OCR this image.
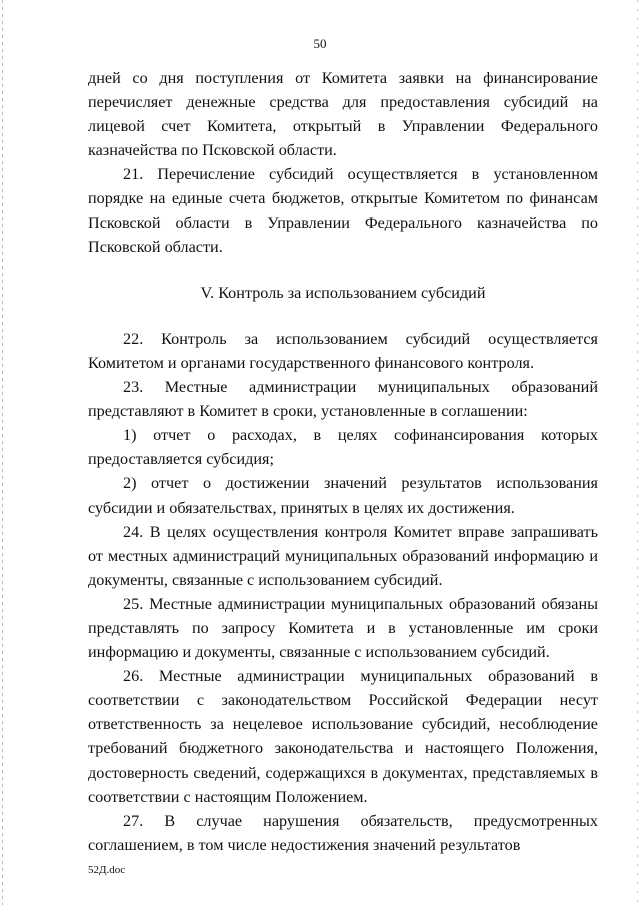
50

дней со дня поступления от Комитета заявки на финансирование перечисляет денежные средства для предоставления субсидий на лицевой счет Комитета, открытый в Управлении Федерального казначейства по Псковской области.

21. Перечисление субсидий осуществляется в установленном порядке на единые счета бюджетов, открытые Комитетом по финансам Псковской области в Управлении Федерального казначейства по Псковской области.

V. Контроль за использованием субсидий

22. Контроль за использованием субсидий осуществляется Комитетом и органами государственного финансового контроля.

23. Местные администрации муниципальных образований представляют в Комитет в сроки, установленные в соглашении:

1) отчет о расходах, в целях софинансирования которых предоставляется субсидия;

2) отчет о достижении значений результатов использования субсидии и обязательствах, принятых в целях их достижения.

24. В целях осуществления контроля Комитет вправе запрашивать от местных администраций муниципальных образований информацию и документы, связанные с использованием субсидий.

25. Местные администрации муниципальных образований обязаны представлять по запросу Комитета и в установленные им сроки информацию и документы, связанные с использованием субсидий.

26. Местные администрации муниципальных образований в соответствии с законодательством Российской Федерации несут ответственность за нецелевое использование субсидий, несоблюдение требований бюджетного законодательства и настоящего Положения, достоверность сведений, содержащихся в документах, представляемых в соответствии с настоящим Положением.

27. В случае нарушения обязательств, предусмотренных соглашением, в том числе недостижения значений результатов

52Д.doc
